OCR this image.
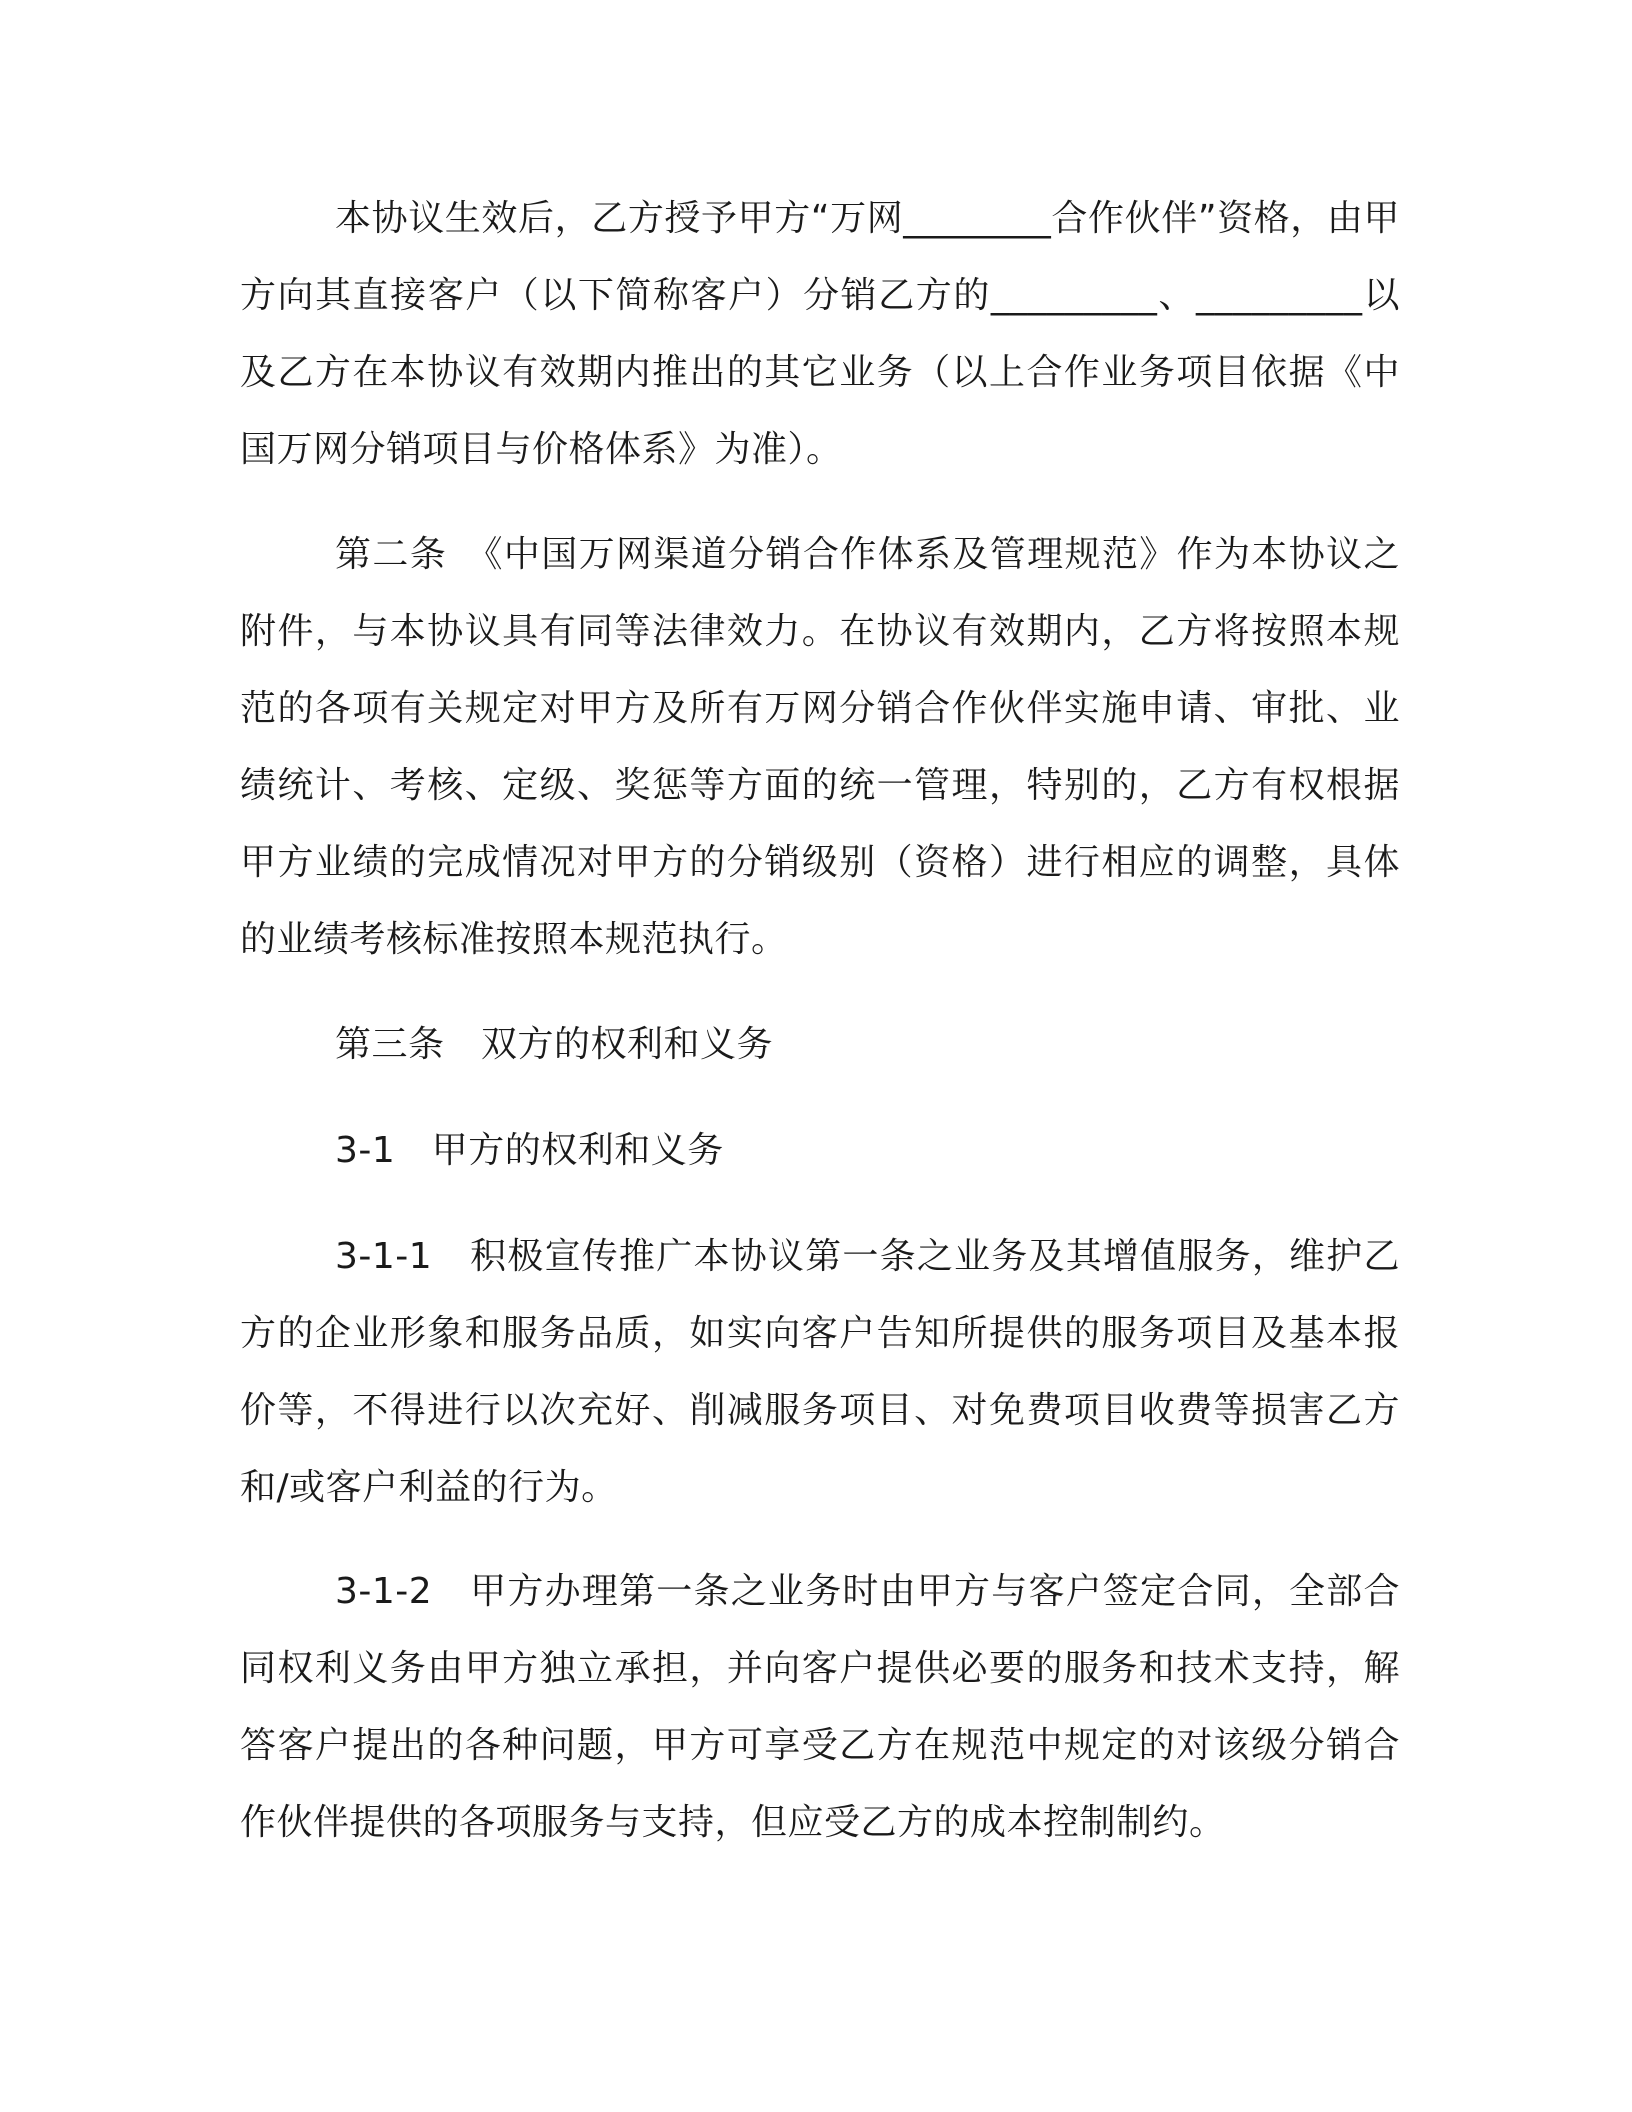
本协议生效后，乙方授予甲方“万网________合作伙伴”资格，由甲方向其直接客户（以下简称客户）分销乙方的_________、_________以及乙方在本协议有效期内推出的其它业务（以上合作业务项目依据《中国万网分销项目与价格体系》为准）。

第二条　《中国万网渠道分销合作体系及管理规范》作为本协议之附件，与本协议具有同等法律效力。在协议有效期内，乙方将按照本规范的各项有关规定对甲方及所有万网分销合作伙伴实施申请、审批、业绩统计、考核、定级、奖惩等方面的统一管理，特别的，乙方有权根据甲方业绩的完成情况对甲方的分销级别（资格）进行相应的调整，具体的业绩考核标准按照本规范执行。

第三条　双方的权利和义务

3-1　甲方的权利和义务

3-1-1　积极宣传推广本协议第一条之业务及其增值服务，维护乙方的企业形象和服务品质，如实向客户告知所提供的服务项目及基本报价等，不得进行以次充好、削减服务项目、对免费项目收费等损害乙方和/或客户利益的行为。

3-1-2　甲方办理第一条之业务时由甲方与客户签定合同，全部合同权利义务由甲方独立承担，并向客户提供必要的服务和技术支持，解答客户提出的各种问题，甲方可享受乙方在规范中规定的对该级分销合作伙伴提供的各项服务与支持，但应受乙方的成本控制制约。
